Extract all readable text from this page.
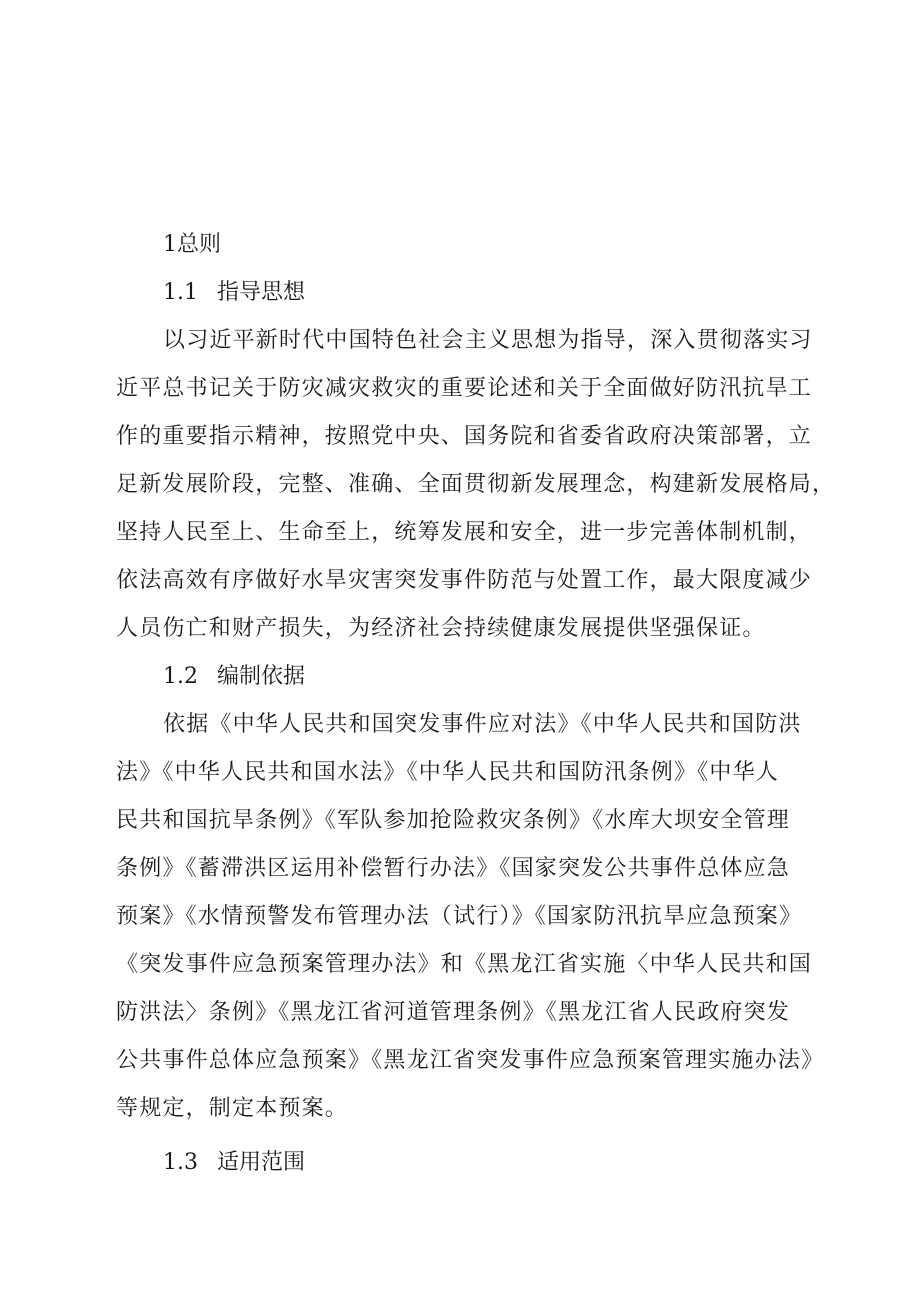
1总则
1.1 指导思想
以习近平新时代中国特色社会主义思想为指导，深入贯彻落实习
近平总书记关于防灾减灾救灾的重要论述和关于全面做好防汛抗旱工
作的重要指示精神，按照党中央、国务院和省委省政府决策部署，立
足新发展阶段，完整、准确、全面贯彻新发展理念，构建新发展格局，
坚持人民至上、生命至上，统筹发展和安全，进一步完善体制机制，
依法高效有序做好水旱灾害突发事件防范与处置工作，最大限度减少
人员伤亡和财产损失，为经济社会持续健康发展提供坚强保证。
1.2 编制依据
依据《中华人民共和国突发事件应对法》《中华人民共和国防洪
法》《中华人民共和国水法》《中华人民共和国防汛条例》《中华人
民共和国抗旱条例》《军队参加抢险救灾条例》《水库大坝安全管理
条例》《蓄滞洪区运用补偿暂行办法》《国家突发公共事件总体应急
预案》《水情预警发布管理办法（试行）》《国家防汛抗旱应急预案》
《突发事件应急预案管理办法》和《黑龙江省实施〈中华人民共和国
防洪法〉条例》《黑龙江省河道管理条例》《黑龙江省人民政府突发
公共事件总体应急预案》《黑龙江省突发事件应急预案管理实施办法》
等规定，制定本预案。
1.3 适用范围
